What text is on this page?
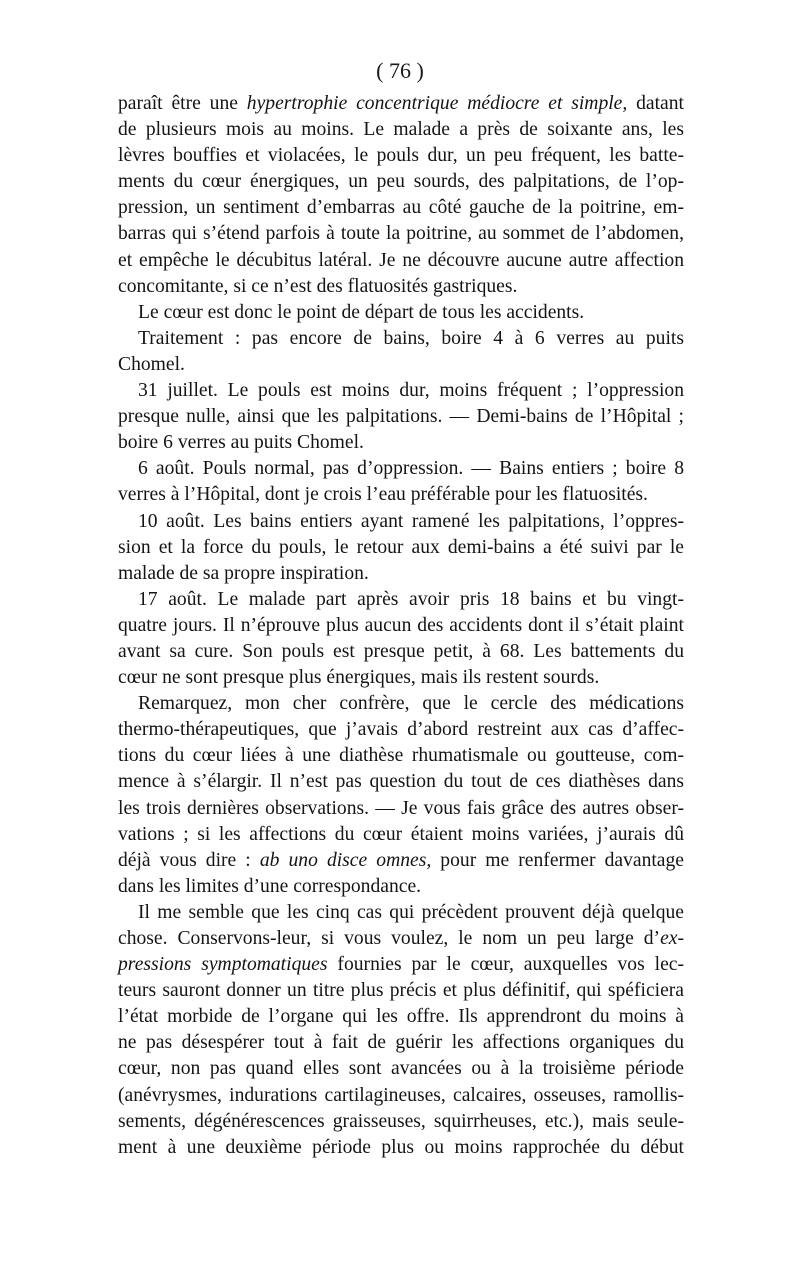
( 76 )
paraît être une hypertrophie concentrique médiocre et simple, datant
de plusieurs mois au moins. Le malade a près de soixante ans, les
lèvres bouffies et violacées, le pouls dur, un peu fréquent, les batte-
ments du cœur énergiques, un peu sourds, des palpitations, de l’op-
pression, un sentiment d’embarras au côté gauche de la poitrine, em-
barras qui s’étend parfois à toute la poitrine, au sommet de l’abdomen,
et empêche le décubitus latéral. Je ne découvre aucune autre affection
concomitante, si ce n’est des flatuosités gastriques.
Le cœur est donc le point de départ de tous les accidents.
Traitement : pas encore de bains, boire 4 à 6 verres au puits
Chomel.
31 juillet. Le pouls est moins dur, moins fréquent ; l’oppression
presque nulle, ainsi que les palpitations. — Demi-bains de l’Hôpital ;
boire 6 verres au puits Chomel.
6 août. Pouls normal, pas d’oppression. — Bains entiers ; boire 8
verres à l’Hôpital, dont je crois l’eau préférable pour les flatuosités.
10 août. Les bains entiers ayant ramené les palpitations, l’oppres-
sion et la force du pouls, le retour aux demi-bains a été suivi par le
malade de sa propre inspiration.
17 août. Le malade part après avoir pris 18 bains et bu vingt-
quatre jours. Il n’éprouve plus aucun des accidents dont il s’était plaint
avant sa cure. Son pouls est presque petit, à 68. Les battements du
cœur ne sont presque plus énergiques, mais ils restent sourds.
Remarquez, mon cher confrère, que le cercle des médications
thermo-thérapeutiques, que j’avais d’abord restreint aux cas d’affec-
tions du cœur liées à une diathèse rhumatismale ou goutteuse, com-
mence à s’élargir. Il n’est pas question du tout de ces diathèses dans
les trois dernières observations. — Je vous fais grâce des autres obser-
vations ; si les affections du cœur étaient moins variées, j’aurais dû
déjà vous dire : ab uno disce omnes, pour me renfermer davantage
dans les limites d’une correspondance.
Il me semble que les cinq cas qui précèdent prouvent déjà quelque
chose. Conservons-leur, si vous voulez, le nom un peu large d’ex-
pressions symptomatiques fournies par le cœur, auxquelles vos lec-
teurs sauront donner un titre plus précis et plus définitif, qui spéficiera
l’état morbide de l’organe qui les offre. Ils apprendront du moins à
ne pas désespérer tout à fait de guérir les affections organiques du
cœur, non pas quand elles sont avancées ou à la troisième période
(anévrysmes, indurations cartilagineuses, calcaires, osseuses, ramollis-
sements, dégénérescences graisseuses, squirrheuses, etc.), mais seule-
ment à une deuxième période plus ou moins rapprochée du début
